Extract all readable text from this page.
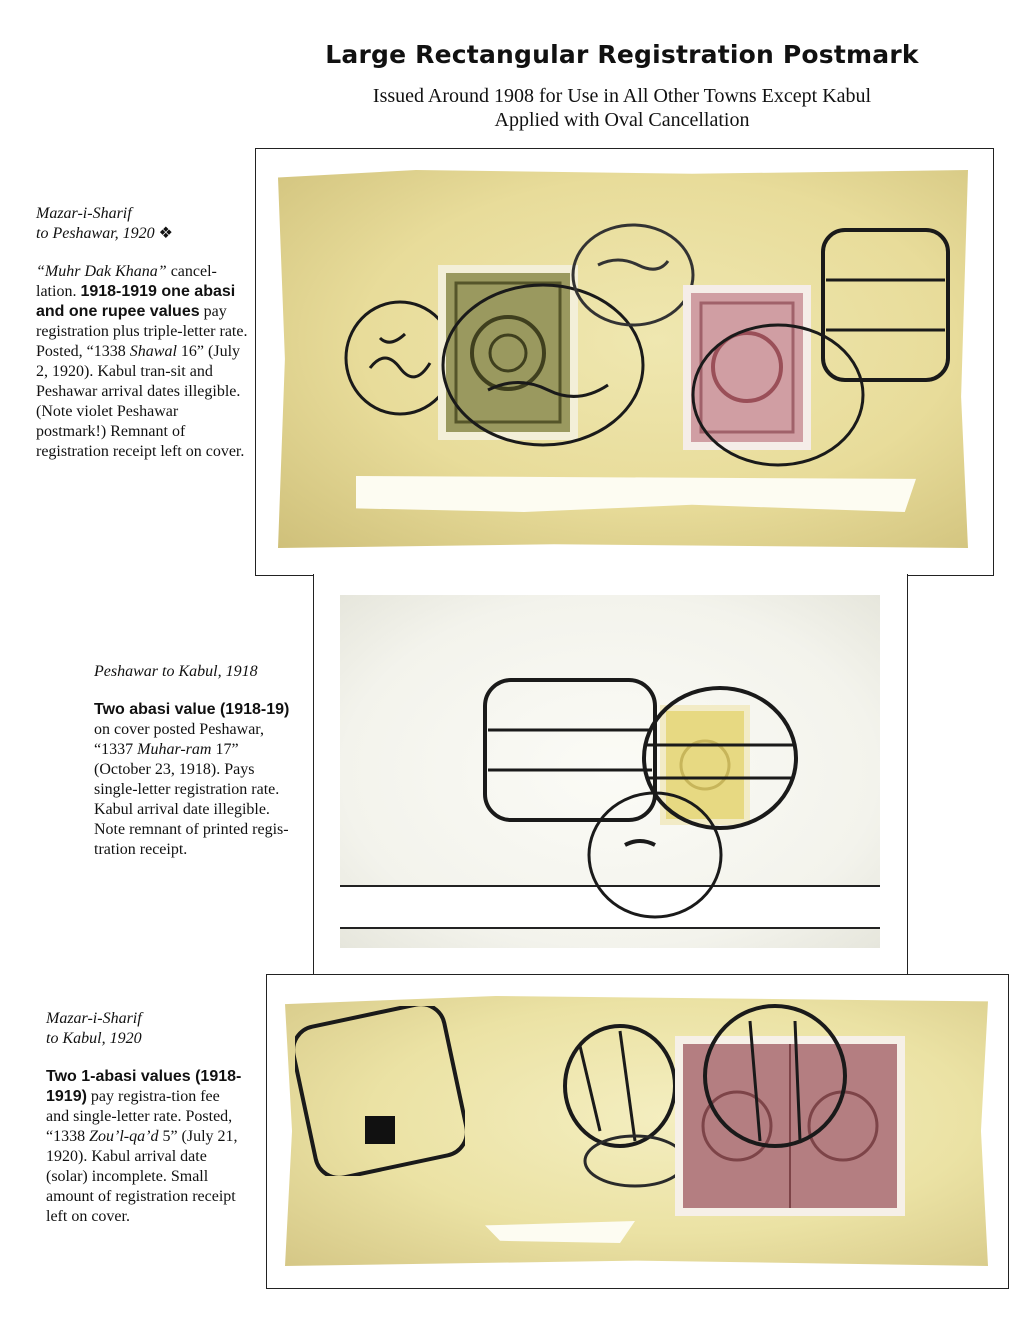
Large Rectangular Registration Postmark
Issued Around 1908 for Use in All Other Towns Except Kabul
Applied with Oval Cancellation

Mazar-i-Sharif

to Peshawar, 1920 ❖

“Muhr Dak Khana” cancel-lation. 1918-1919 one abasi and one rupee values pay registration plus triple-letter rate. Posted, “1338 Shawal 16” (July 2, 1920). Kabul tran-sit and Peshawar arrival dates illegible. (Note violet Peshawar postmark!) Remnant of registration receipt left on cover.

Peshawar to Kabul, 1918

Two abasi value (1918-19) on cover posted Peshawar, “1337 Muhar-ram 17” (October 23, 1918). Pays single-letter registration rate. Kabul arrival date illegible. Note remnant of printed regis-tration receipt.

Mazar-i-Sharif

to Kabul, 1920

Two 1-abasi values (1918-1919) pay registra-tion fee and single-letter rate. Posted, “1338 Zou’l-qa’d 5” (July 21, 1920). Kabul arrival date (solar) incomplete. Small amount of registration receipt left on cover.
